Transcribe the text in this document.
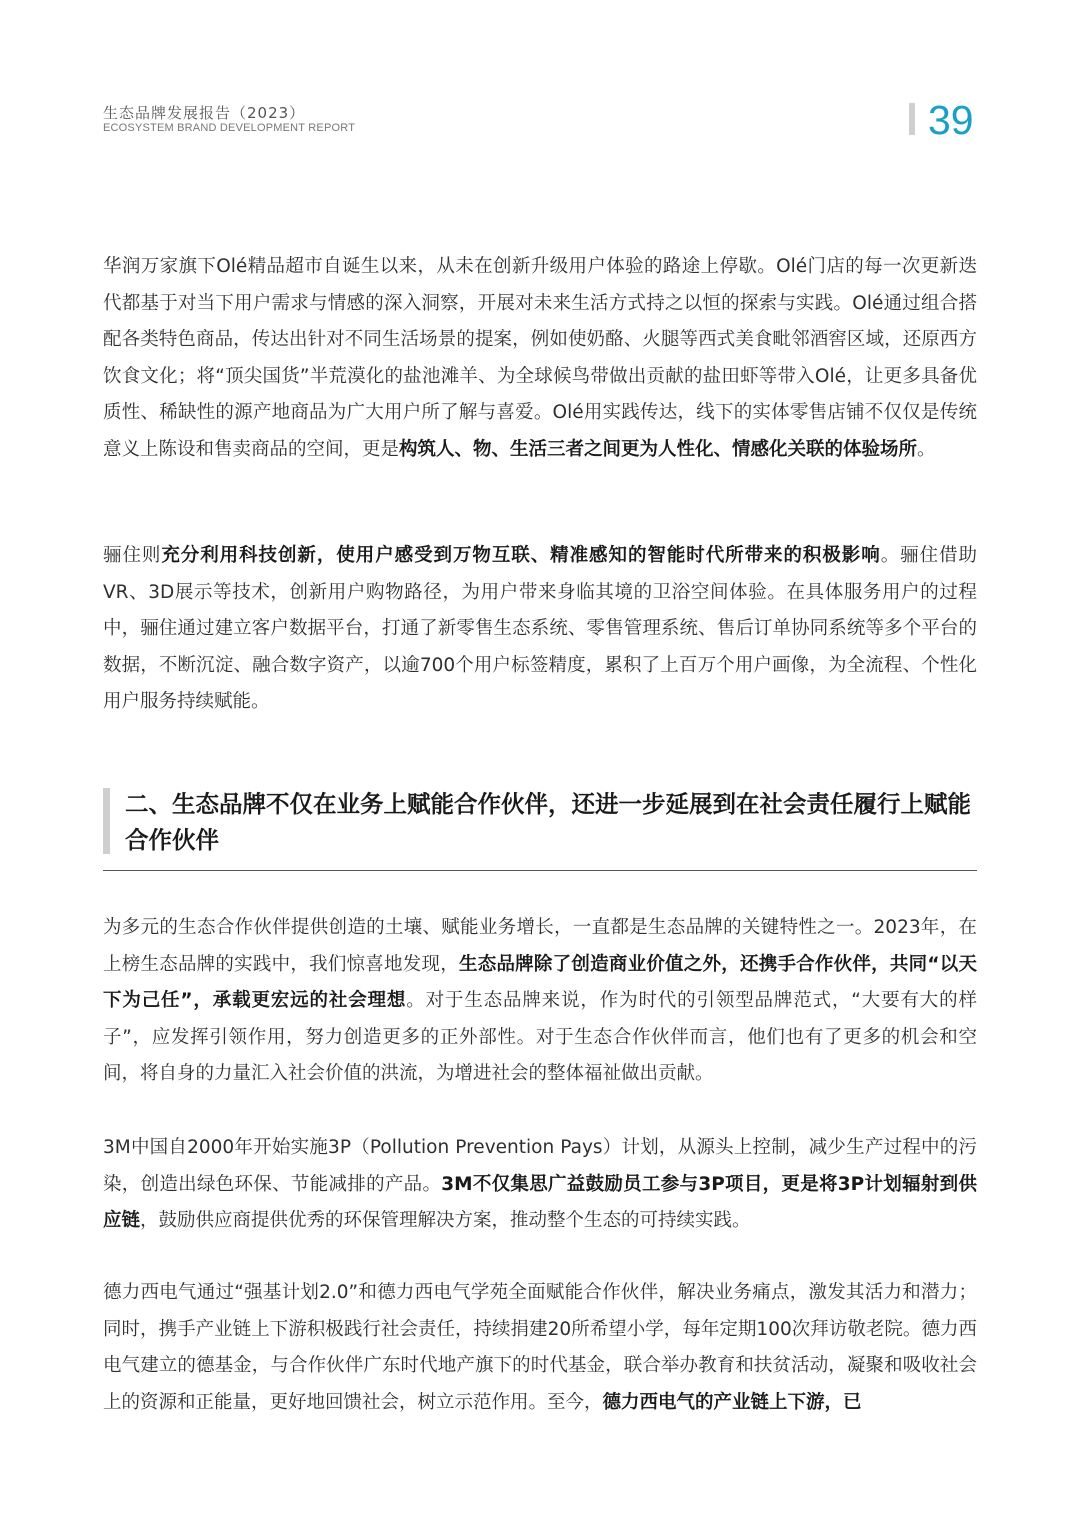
生态品牌发展报告（2023）
ECOSYSTEM BRAND DEVELOPMENT REPORT	39
华润万家旗下Olé精品超市自诞生以来，从未在创新升级用户体验的路途上停歇。Olé门店的每一次更新迭代都基于对当下用户需求与情感的深入洞察，开展对未来生活方式持之以恒的探索与实践。Olé通过组合搭配各类特色商品，传达出针对不同生活场景的提案，例如使奶酪、火腿等西式美食毗邻酒窖区域，还原西方饮食文化；将“顶尖国货”半荒漠化的盐池滩羊、为全球候鸟带做出贡献的盐田虾等带入Olé，让更多具备优质性、稀缺性的源产地商品为广大用户所了解与喜爱。Olé用实践传达，线下的实体零售店铺不仅仅是传统意义上陈设和售卖商品的空间，更是构筑人、物、生活三者之间更为人性化、情感化关联的体验场所。
骊住则充分利用科技创新，使用户感受到万物互联、精准感知的智能时代所带来的积极影响。骊住借助VR、3D展示等技术，创新用户购物路径，为用户带来身临其境的卫浴空间体验。在具体服务用户的过程中，骊住通过建立客户数据平台，打通了新零售生态系统、零售管理系统、售后订单协同系统等多个平台的数据，不断沉淀、融合数字资产，以逾700个用户标签精度，累积了上百万个用户画像，为全流程、个性化用户服务持续赋能。
二、生态品牌不仅在业务上赋能合作伙伴，还进一步延展到在社会责任履行上赋能合作伙伴
为多元的生态合作伙伴提供创造的土壤、赋能业务增长，一直都是生态品牌的关键特性之一。2023年，在上榜生态品牌的实践中，我们惊喜地发现，生态品牌除了创造商业价值之外，还携手合作伙伴，共同“以天下为己任”，承载更宏远的社会理想。对于生态品牌来说，作为时代的引领型品牌范式，“大要有大的样子”，应发挥引领作用，努力创造更多的正外部性。对于生态合作伙伴而言，他们也有了更多的机会和空间，将自身的力量汇入社会价值的洪流，为增进社会的整体福祉做出贡献。
3M中国自2000年开始实施3P（Pollution Prevention Pays）计划，从源头上控制，减少生产过程中的污染，创造出绿色环保、节能减排的产品。3M不仅集思广益鼓励员工参与3P项目，更是将3P计划辐射到供应链，鼓励供应商提供优秀的环保管理解决方案，推动整个生态的可持续实践。
德力西电气通过“强基计划2.0”和德力西电气学苑全面赋能合作伙伴，解决业务痛点，激发其活力和潜力；同时，携手产业链上下游积极践行社会责任，持续捐建20所希望小学，每年定期100次拜访敬老院。德力西电气建立的德基金，与合作伙伴广东时代地产旗下的时代基金，联合举办教育和扶贫活动，凝聚和吸收社会上的资源和正能量，更好地回馈社会，树立示范作用。至今，德力西电气的产业链上下游，已
